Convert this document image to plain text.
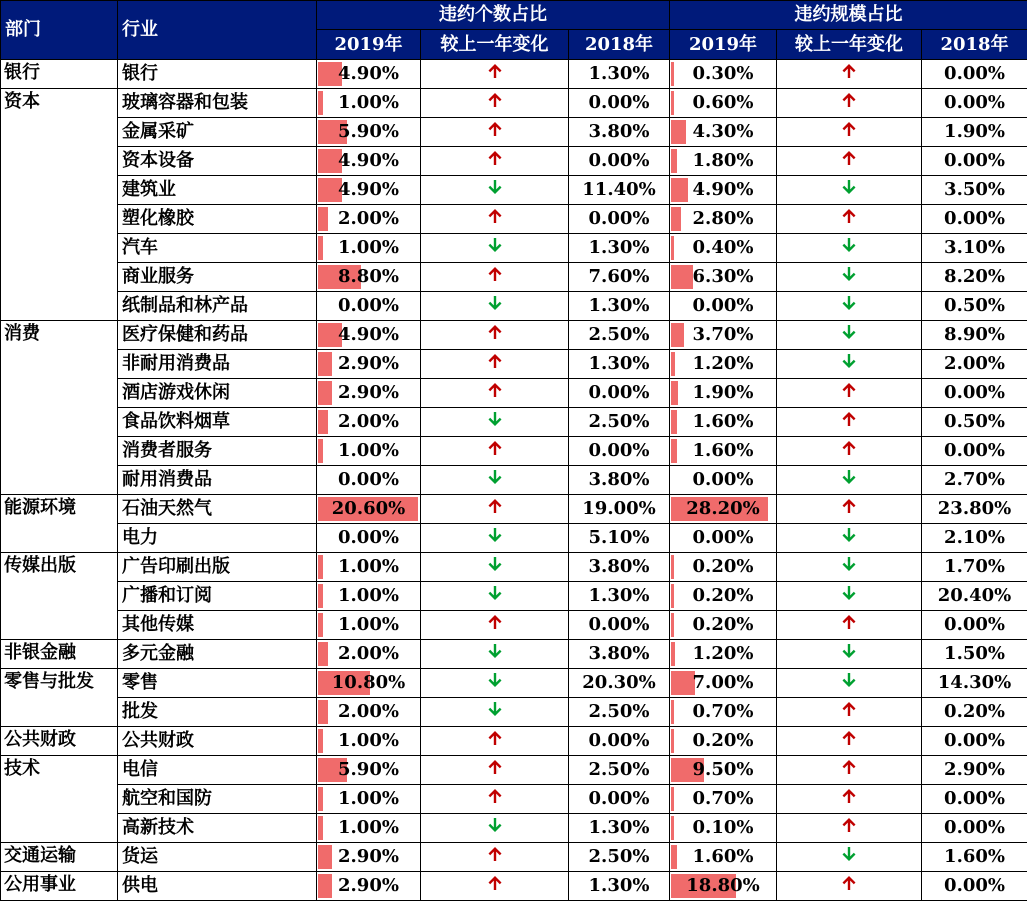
部门	行业	违约个数占比			违约规模占比		
		2019年	较上一年变化	2018年	2019年	较上一年变化	2018年
银行	银行	4.90%		1.30%	0.30%		0.00%
资本	玻璃容器和包装	1.00%		0.00%	0.60%		0.00%
	金属采矿	5.90%		3.80%	4.30%		1.90%
	资本设备	4.90%		0.00%	1.80%		0.00%
	建筑业	4.90%		11.40%	4.90%		3.50%
	塑化橡胶	2.00%		0.00%	2.80%		0.00%
	汽车	1.00%		1.30%	0.40%		3.10%
	商业服务	8.80%		7.60%	6.30%		8.20%
	纸制品和林产品	0.00%		1.30%	0.00%		0.50%
消费	医疗保健和药品	4.90%		2.50%	3.70%		8.90%
	非耐用消费品	2.90%		1.30%	1.20%		2.00%
	酒店游戏休闲	2.90%		0.00%	1.90%		0.00%
	食品饮料烟草	2.00%		2.50%	1.60%		0.50%
	消费者服务	1.00%		0.00%	1.60%		0.00%
	耐用消费品	0.00%		3.80%	0.00%		2.70%
能源环境	石油天然气	20.60%		19.00%	28.20%		23.80%
	电力	0.00%		5.10%	0.00%		2.10%
传媒出版	广告印刷出版	1.00%		3.80%	0.20%		1.70%
	广播和订阅	1.00%		1.30%	0.20%		20.40%
	其他传媒	1.00%		0.00%	0.20%		0.00%
非银金融	多元金融	2.00%		3.80%	1.20%		1.50%
零售与批发	零售	10.80%		20.30%	7.00%		14.30%
	批发	2.00%		2.50%	0.70%		0.20%
公共财政	公共财政	1.00%		0.00%	0.20%		0.00%
技术	电信	5.90%		2.50%	9.50%		2.90%
	航空和国防	1.00%		0.00%	0.70%		0.00%
	高新技术	1.00%		1.30%	0.10%		0.00%
交通运输	货运	2.90%		2.50%	1.60%		1.60%
公用事业	供电	2.90%		1.30%	18.80%		0.00%
